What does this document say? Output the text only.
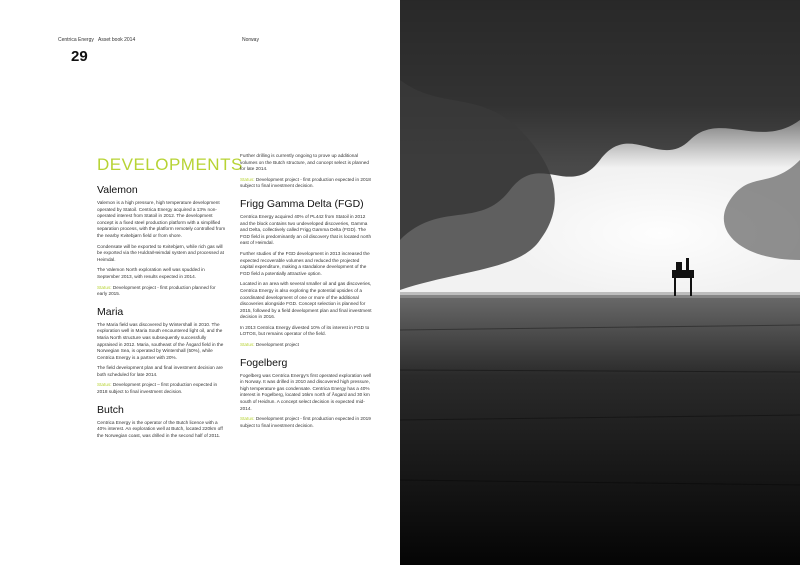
Centrica Energy Asset book 2014	Norway
29
DEVELOPMENTS
Valemon

Valemon is a high pressure, high temperature development operated by Statoil. Centrica Energy acquired a 13% non-operated interest from Statoil in 2012. The development concept is a fixed steel production platform with a simplified separation process, with the platform remotely controlled from the nearby Kvitebjørn field or from shore.

Condensate will be exported to Kvitebjørn, while rich gas will be exported via the Huldra/Heimdal system and processed at Heimdal.

The Valemon North exploration well was spudded in September 2013, with results expected in 2014.

Status: Development project - first production planned for early 2015.

Maria

The Maria field was discovered by Wintershall in 2010. The exploration well in Maria South encountered light oil, and the Maria North structure was subsequently successfully appraised in 2012. Maria, southeast of the Åsgard field in the Norwegian Sea, is operated by Wintershall (50%), while Centrica Energy is a partner with 20%.

The field development plan and final investment decision are both scheduled for late 2014.

Status: Development project – first production expected in 2018 subject to final investment decision.

Butch

Centrica Energy is the operator of the Butch licence with a 40% interest. An exploration well at Butch, located 220km off the Norwegian coast, was drilled in the second half of 2011.

Further drilling is currently ongoing to prove up additional volumes on the Butch structure, and concept select is planned for late 2014.

Status: Development project - first production expected in 2018 subject to final investment decision.

Frigg Gamma Delta (FGD)

Centrica Energy acquired 40% of PL442 from Statoil in 2012 and the block contains two undeveloped discoveries, Gamma and Delta, collectively called Frigg Gamma Delta (FGD). The FGD field is predominantly an oil discovery that is located north east of Heimdal.

Further studies of the FGD development in 2013 increased the expected recoverable volumes and reduced the projected capital expenditure, making a standalone development of the FGD field a potentially attractive option.

Located in an area with several smaller oil and gas discoveries, Centrica Energy is also exploring the potential upsides of a coordinated development of one or more of the additional discoveries alongside FGD. Concept selection is planned for 2015, followed by a field development plan and final investment decision in 2016.

In 2013 Centrica Energy divested 10% of its interest in FGD to LOTOS, but remains operator of the field.

Status: Development project

Fogelberg

Fogelberg was Centrica Energy's first operated exploration well in Norway. It was drilled in 2010 and discovered high pressure, high temperature gas condensate. Centrica Energy has a 40% interest in Fogelberg, located 16km north of Åsgard and 30 km south of Heidrun. A concept select decision is expected mid-2014.

Status: Development project - first production expected in 2019 subject to final investment decision.
